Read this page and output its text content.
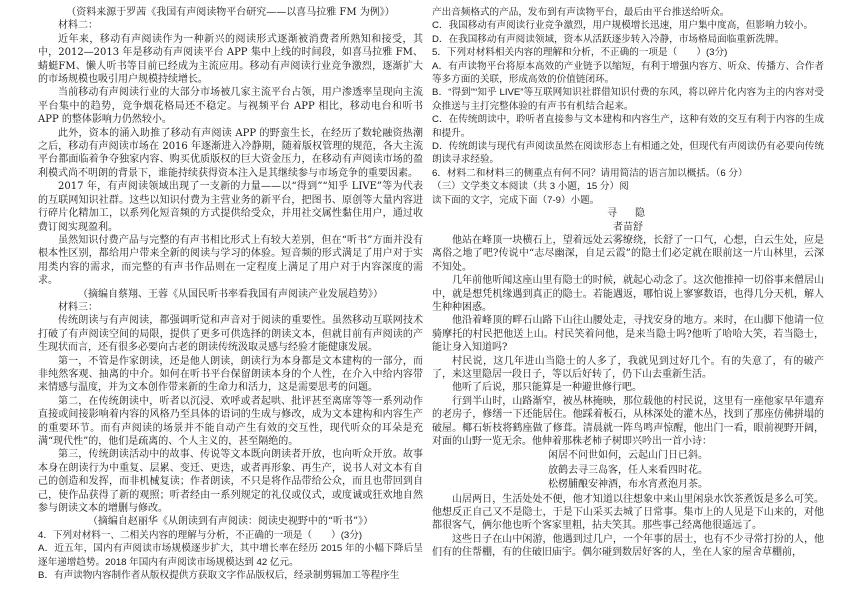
（资料来源于罗茜《我国有声阅读物平台研究——以喜马拉雅 FM 为例》）

材料二：

近年来，移动有声阅读作为一种新兴的阅读形式逐渐被消费者所熟知和接受，其中，2012—2013 年是移动有声阅读平台 APP 集中上线的时间段，如喜马拉雅 FM、蜻蜓FM、懒人听书等目前已经成为主流应用。移动有声阅读行业竞争激烈，逐渐扩大的市场规模也吸引用户规模持续增长。

当前移动有声阅读行业的大部分市场被几家主流平台占领，用户渗透率呈现向主流平台集中的趋势，竞争烟花格局还不稳定。与视频平台 APP 相比，移动电台和听书 APP 的整体影响力仍然较小。

此外，资本的涌入助推了移动有声阅读 APP 的野蛮生长，在经历了数轮融资热潮之后，移动有声阅读市场在 2016 年逐渐进入冷静期，随着版权管理的规范，各大主流平台都面临着争夺独家内容、购买优质版权的巨大资金压力，在移动有声阅读市场的盈利模式尚不明朗的背景下，谁能持续获得资本注入是其继续参与市场竞争的重要因素。

2017 年，有声阅读领域出现了一支新的力量——以“得到”“知乎 LIVE”等为代表的互联网知识社群。这些以知识付费为主营业务的新平台，把图书、原创等大量内容进行碎片化精加工，以系列化短音频的方式提供给受众，并用社交属性黏住用户，通过收费订阅实现盈利。

虽然知识付费产品与完整的有声书相比形式上有较大差别，但在“听书”方面并没有根本性区别，都给用户带来全新的阅读与学习的体验。短音频的形式满足了用户对于实用类内容的需求，而完整的有声书作品则在一定程度上满足了用户对于内容深度的需求。

（摘编自蔡翔、王蓉《从国民听书率看我国有声阅读产业发展趋势》）

材料三：

传统朗读与有声阅读，都强调听觉和声音对于阅读的重要性。虽然移动互联网技术打破了有声阅读空间的局限，提供了更多可供选择的朗读文本，但就目前有声阅读的产生现状而言，还有很多必要向古老的朗读传统汲取灵感与经验才能健康发展。

第一，不管是作家朗读，还是他人朗读，朗读行为本身都是文本建构的一部分，而非纯然客观、抽离的中介。如何在听书平台保留朗读本身的个人性，在介入中给内容带来情感与温度，并为文本创作带来新的生命力和活力，这是需要思考的问题。

第二，在传统朗读中，听者以沉浸、欢呼或者起哄、批评甚至离席等等一系列动作直接或间接影响着内容的风格乃至具体的语词的生成与修改，成为文本建构和内容生产的重要环节。而有声阅读的场景并不能自动产生有效的交互性，现代听众的耳朵是充满“现代性”的，他们是疏离的、个人主义的，甚至隔绝的。

第三，传统朗读活动中的故事、传说等文本既向朗读者开放，也向听众开放。故事本身在朗读行为中重复、层累、变迁、更迭，或者再形象、再生产，说书人对文本有自己的创造和发挥，而非机械复读；作者朗读，不只是将作品带给公众，而且也带回到自己，使作品获得了新的观照；听者经由一系列规定的礼仪或仪式，或度诚或狂欢地自然参与朗读文本的增删与修改。

（摘编自赵丽华《从朗读到有声阅读：阅读史视野中的“听书”》）

4．下列对材料一、二相关内容的理解与分析，不正确的一项是（　　）(3分)

A．近五年，国内有声阅读市场规模逐步扩大，其中增长率在经历 2015 年的小幅下降后呈逐年递增趋势。2018 年国内有声阅读市场规模达到 42 亿元。

B．有声读物内容制作者从版权提供方获取文字作品版权后，经录制剪辑加工等程序生

产出音频格式的产品，发布到有声读物平台，最后由平台推送给听众。

C．我国移动有声阅读行业竞争激烈，用户规模增长迅速，用户集中度高，但影响力较小。

D．在我国移动有声阅读领域，资本从活跃逐步转入冷静，市场格局面临重新洗牌。

5．下列对材料相关内容的理解和分析，不正确的一项是（　　）(3分)

A．有声读物平台将原本高效的产业链予以缩短，有利于增强内容方、听众、传播方、合作者等多方面的关联，形成高效的价值链闭环。

B．“得到”“知乎 LIVE”等互联网知识社群借知识付费的东风，将以碎片化内容为主的内容对受众推送与主打完整体验的有声书有机结合起来。

C．在传统朗读中，聆听者直接参与文本建构和内容生产，这种有效的交互有利于内容的生成和提升。

D．传统朗读与现代有声阅读虽然在阅读形态上有相通之处，但现代有声阅读仍有必要向传统朗读寻求经验。

6．材料二和材料三的侧重点有何不同？请用简洁的语言加以概括。（6 分）

（三）文学类文本阅读（共 3 小题，15 分）阅

读下面的文字，完成下面（7-9）小题。

寻　隐

者苗舒

他站在峰顶一块横石上，望着远处云雾缭绕，长舒了一口气，心想，白云生处，应是离俗之地了吧?传说中“志尽幽深，自足云霞”的隐士们必定就在眼前这一片山林里，云深不知处。

几年前他听闻这座山里有隐士的时候，就起心动念了。这次他推掉一切俗事来僧居山中，就是想凭机缘遇到真正的隐士。若能遇返，哪怕说上寥寥数语，也得几分天机，解人生种种困惑。

他沿着峰顶的畔石山路下山往山腰处走，寻找安身的地方。来时，在山脚下他请一位骑摩托的村民把他送上山。村民笑着问他，是来当隐士吗?他听了哈哈大笑，若当隐士，能让身入知道吗?

村民说，这几年进山当隐士的人多了，我就见到过好几个。有的失意了，有的破产了，来这里隐居一段日子，等以后好转了，仍下山去重新生活。

他听了后说，那只能算是一种避世修行吧。

行到半山时，山路渐窄，被丛林掩映，那位载他的村民说，这里有一座他家早年遗弃的老房子，修缮一下还能居住。他踩着板石，从林深处的灌木丛，找到了那座仿佛拼塌的破屋。椰石斩枝将鹤座做了修葺。清晨就一阵鸟鸣声惊醒，他出门一看，眼前视野开阔，对面的山野一览无余。他伸着那株老柿子树即兴吟出一首小诗：

闲居不问世如何，云起山门日已斜。

放鹤去寻三岛客，任人来看四时花。

松楞脯酿安神酒，布水宵煮泡月茶。

山居两日，生活处处不便，他才知道以往想象中来山里闲泉水饮茶煮饭是多么可笑。他想反正自己又不是隐士，于是下山采买去城了日常事。集市上的人见是下山来的，对他都很客气，俩尔他也听个客家里粗，拈夫笑其。那些事己经离他很遥远了。

这些日子在山中闲游，他遇到过几户，一个年事的居士，也有不少寻常打扮的人，他们有的住帮棚，有的住破旧庙宇。偶尔碰到数居好客的人，坐在人家的屋舍草棚前，
